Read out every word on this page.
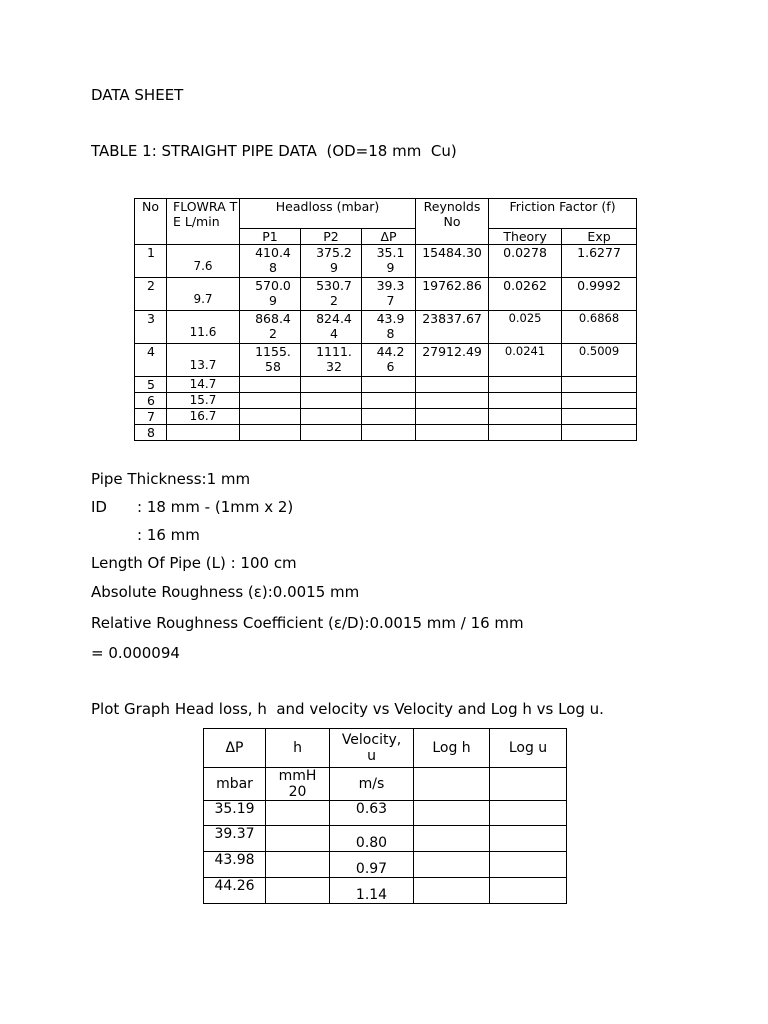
DATA SHEET
TABLE 1: STRAIGHT PIPE DATA  (OD=18 mm  Cu)
No	FLOWRA TE L/min	Headloss (mbar)			Reynolds No	Friction Factor (f)	
		P1	P2	ΔP		Theory	Exp
1	7.6	410.48	375.29	35.19	15484.30	0.0278	1.6277
2	9.7	570.09	530.72	39.37	19762.86	0.0262	0.9992
3	11.6	868.42	824.44	43.98	23837.67	0.025	0.6868
4	13.7	1155.58	1111.32	44.26	27912.49	0.0241	0.5009
5	14.7						
6	15.7						
7	16.7						
8							
Pipe Thickness:1 mm
ID : 18 mm - (1mm x 2)
: 16 mm
Length Of Pipe (L) : 100 cm
Absolute Roughness (ε):0.0015 mm
Relative Roughness Coefficient (ε/D):0.0015 mm / 16 mm
= 0.000094
Plot Graph Head loss, h  and velocity vs Velocity and Log h vs Log u.
ΔP	h	Velocity, u	Log h	Log u
mbar	mmH 20	m/s		
35.19		0.63		
39.37		0.80		
43.98		0.97		
44.26		1.14		
